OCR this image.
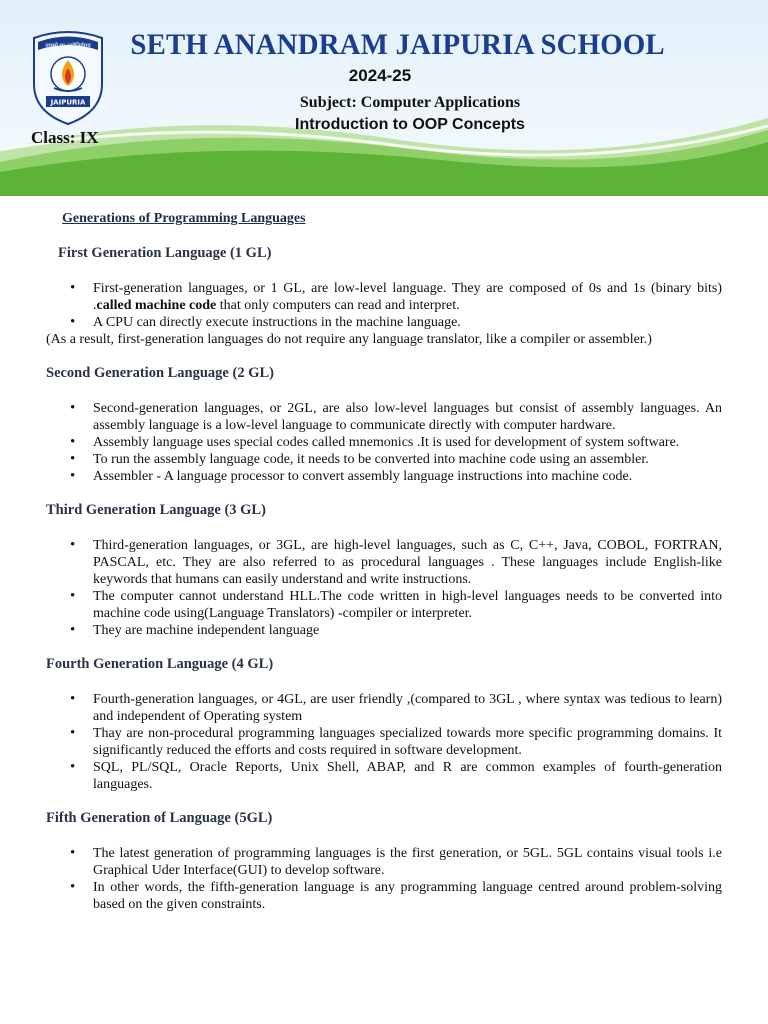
तमसो मा ज्योतिर्गमय
JAIPURIA
SETH ANANDRAM JAIPURIA SCHOOL
2024-25
Subject: Computer Applications
Introduction to OOP Concepts
Class: IX
Generations of Programming Languages
First Generation Language (1 GL)
• First-generation languages, or 1 GL, are low-level language. They are composed of 0s and 1s (binary bits) .called machine code that only computers can read and interpret.
• A CPU can directly execute instructions in the machine language.
(As a result, first-generation languages do not require any language translator, like a compiler or assembler.)
Second Generation Language (2 GL)
• Second-generation languages, or 2GL, are also low-level languages but consist of assembly languages. An assembly language is a low-level language to communicate directly with computer hardware.
• Assembly language uses special codes called mnemonics .It is used for development of system software.
• To run the assembly language code, it needs to be converted into machine code using an assembler.
• Assembler - A language processor to convert assembly language instructions into machine code.
Third Generation Language (3 GL)
• Third-generation languages, or 3GL, are high-level languages, such as C, C++, Java, COBOL, FORTRAN, PASCAL, etc. They are also referred to as procedural languages . These languages include English-like keywords that humans can easily understand and write instructions.
• The computer cannot understand HLL.The code written in high-level languages needs to be converted into machine code using(Language Translators) -compiler or interpreter.
• They are machine independent language
Fourth Generation Language (4 GL)
• Fourth-generation languages, or 4GL, are user friendly ,(compared to 3GL , where syntax was tedious to learn) and independent of Operating system
• Thay are non-procedural programming languages specialized towards more specific programming domains. It significantly reduced the efforts and costs required in software development.
• SQL, PL/SQL, Oracle Reports, Unix Shell, ABAP, and R are common examples of fourth-generation languages.
Fifth Generation of Language (5GL)
• The latest generation of programming languages is the first generation, or 5GL. 5GL contains visual tools i.e Graphical Uder Interface(GUI) to develop software.
• In other words, the fifth-generation language is any programming language centred around problem-solving based on the given constraints.
